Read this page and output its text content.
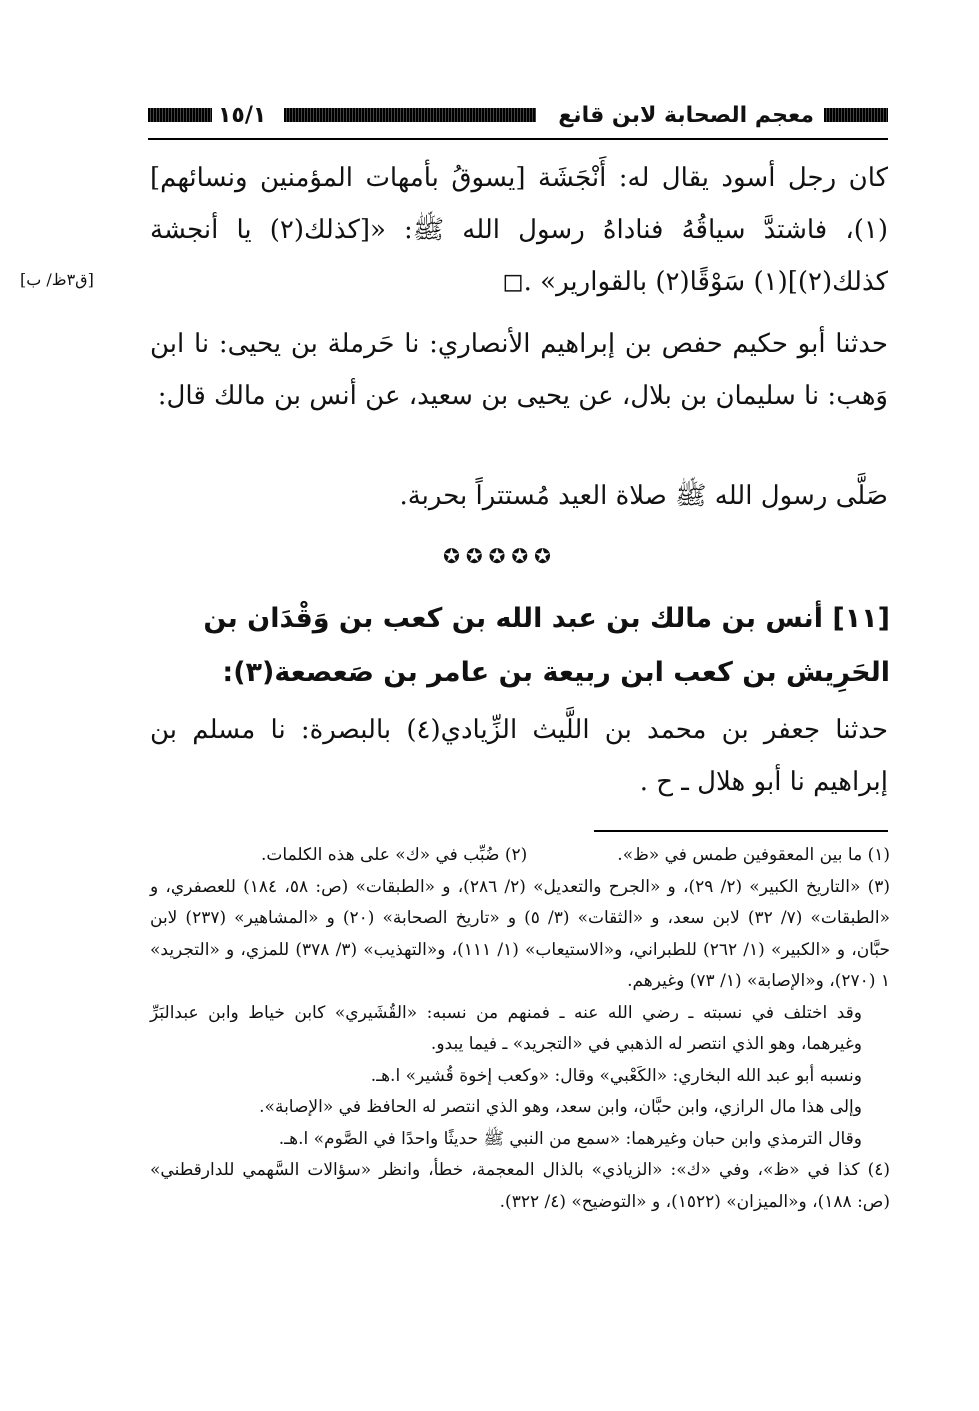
معجم الصحابة لابن قانع
١٥/١
[ق٣ظ/ ب]
كان رجل أسود يقال له: أَنْجَشَة [يسوقُ بأمهات المؤمنين ونسائهم](١)، فاشتدَّ سياقُهُ فناداهُ رسول الله ﷺ: «[كذلك(٢) يا أنجشة كذلك(٢)](١) سَوْقًا(٢) بالقوارير» .◻
حدثنا أبو حكيم حفص بن إبراهيم الأنصاري: نا حَرملة بن يحيى: نا ابن وَهب: نا سليمان بن بلال، عن يحيى بن سعيد، عن أنس بن مالك قال:
صَلَّى رسول الله ﷺ صلاة العيد مُستتراً بحربة.
✪✪✪✪✪
[١١] أنس بن مالك بن عبد الله بن كعب بن وَقْدَان بن الحَرِيش بن كعب ابن ربيعة بن عامر بن صَعصعة(٣):
حدثنا جعفر بن محمد بن اللَّيث الزِّيادي(٤) بالبصرة: نا مسلم بن إبراهيم نا أبو هلال ـ ح .
(١) ما بين المعقوفين طمس في «ظ».
(٢) ضُبِّب في «ك» على هذه الكلمات.
(٣) «التاريخ الكبير» (٢/ ٢٩)، و «الجرح والتعديل» (٢/ ٢٨٦)، و «الطبقات» (ص: ٥٨، ١٨٤) للعصفري، و «الطبقات» (٧/ ٣٢) لابن سعد، و «الثقات» (٣/ ٥) و «تاريخ الصحابة» (٢٠) و «المشاهير» (٢٣٧) لابن حبَّان، و «الكبير» (١/ ٢٦٢) للطبراني، و«الاستيعاب» (١/ ١١١)، و«التهذيب» (٣/ ٣٧٨) للمزي، و «التجريد» ١ (٢٧٠)، و«الإصابة» (١/ ٧٣) وغيرهم.
وقد اختلف في نسبته ـ رضي الله عنه ـ فمنهم من نسبه: «القُشَيري» كابن خياط وابن عبدالبَرِّ وغيرهما، وهو الذي انتصر له الذهبي في «التجريد» ـ فيما يبدو.
ونسبه أبو عبد الله البخاري: «الكَعْبي» وقال: «وكعب إخوة قُشير» ا.هـ.
وإلى هذا مال الرازي، وابن حبَّان، وابن سعد، وهو الذي انتصر له الحافظ في «الإصابة».
وقال الترمذي وابن حبان وغيرهما: «سمع من النبي ﷺ حديثًا واحدًا في الصَّوم» ا.هـ.
(٤) كذا في «ظ»، وفي «ك»: «الزياذي» بالذال المعجمة، خطأ، وانظر «سؤالات السَّهمي للدارقطني» (ص: ١٨٨)، و«الميزان» (١٥٢٢)، و «التوضيح» (٤/ ٣٢٢).
